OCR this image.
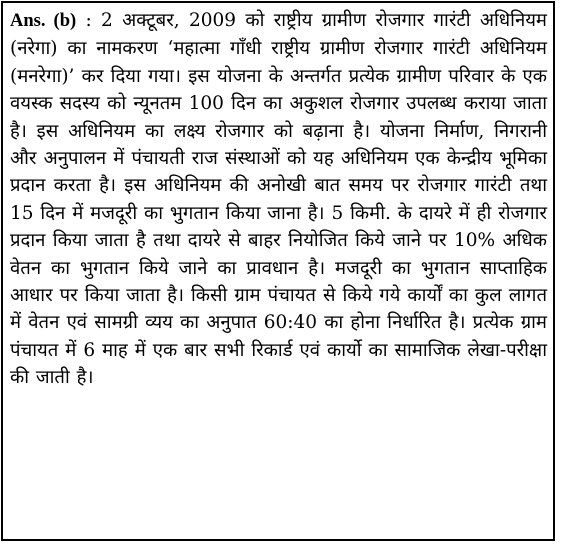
Ans. (b) : 2 अक्टूबर, 2009 को राष्ट्रीय ग्रामीण रोजगार गारंटी अधिनियम (नरेगा) का नामकरण ‘महात्मा गाँधी राष्ट्रीय ग्रामीण रोजगार गारंटी अधिनियम (मनरेगा)’ कर दिया गया। इस योजना के अन्तर्गत प्रत्येक ग्रामीण परिवार के एक वयस्क सदस्य को न्यूनतम 100 दिन का अकुशल रोजगार उपलब्ध कराया जाता है। इस अधिनियम का लक्ष्य रोजगार को बढ़ाना है। योजना निर्माण, निगरानी और अनुपालन में पंचायती राज संस्थाओं को यह अधिनियम एक केन्द्रीय भूमिका प्रदान करता है। इस अधिनियम की अनोखी बात समय पर रोजगार गारंटी तथा 15 दिन में मजदूरी का भुगतान किया जाना है। 5 किमी. के दायरे में ही रोजगार प्रदान किया जाता है तथा दायरे से बाहर नियोजित किये जाने पर 10% अधिक वेतन का भुगतान किये जाने का प्रावधान है। मजदूरी का भुगतान साप्ताहिक आधार पर किया जाता है। किसी ग्राम पंचायत से किये गये कार्यों का कुल लागत में वेतन एवं सामग्री व्यय का अनुपात 60:40 का होना निर्धारित है। प्रत्येक ग्राम पंचायत में 6 माह में एक बार सभी रिकार्ड एवं कार्यो का सामाजिक लेखा-परीक्षा की जाती है।
